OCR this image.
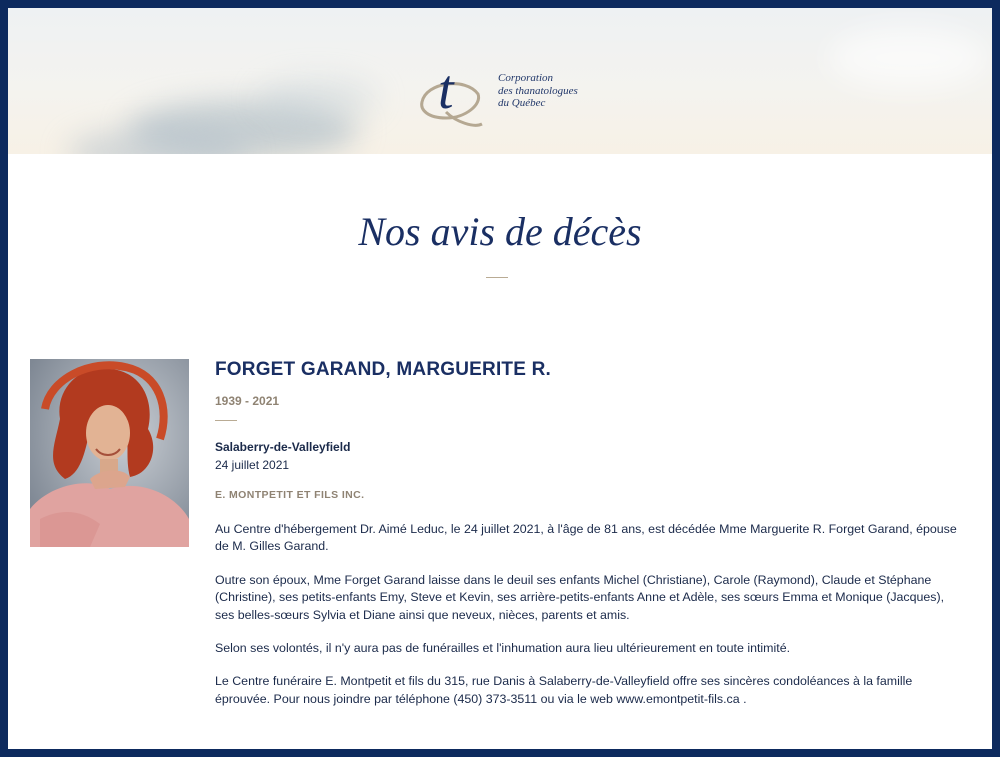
t	Corporation
des thanatologues
du Québec
Nos avis de décès
FORGET GARAND, MARGUERITE R.
1939 - 2021
Salaberry-de-Valleyfield
24 juillet 2021
E. MONTPETIT ET FILS INC.

Au Centre d'hébergement Dr. Aimé Leduc, le 24 juillet 2021, à l'âge de 81 ans, est décédée Mme Marguerite R. Forget Garand, épouse de M. Gilles Garand.

Outre son époux, Mme Forget Garand laisse dans le deuil ses enfants Michel (Christiane), Carole (Raymond), Claude et Stéphane (Christine), ses petits-enfants Emy, Steve et Kevin, ses arrière-petits-enfants Anne et Adèle, ses sœurs Emma et Monique (Jacques), ses belles-sœurs Sylvia et Diane ainsi que neveux, nièces, parents et amis.

Selon ses volontés, il n'y aura pas de funérailles et l'inhumation aura lieu ultérieurement en toute intimité.

Le Centre funéraire E. Montpetit et fils du 315, rue Danis à Salaberry-de-Valleyfield offre ses sincères condoléances à la famille éprouvée. Pour nous joindre par téléphone (450) 373-3511 ou via le web www.emontpetit-fils.ca .
